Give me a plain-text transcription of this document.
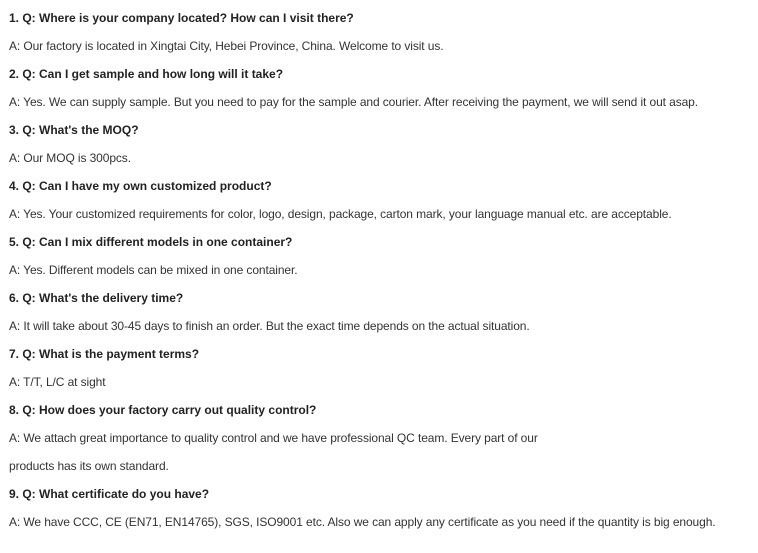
1. Q: Where is your company located? How can I visit there?
A: Our factory is located in Xingtai City, Hebei Province, China. Welcome to visit us.
2. Q: Can I get sample and how long will it take?
A: Yes. We can supply sample. But you need to pay for the sample and courier. After receiving the payment, we will send it out asap.
3. Q: What's the MOQ?
A: Our MOQ is 300pcs.
4. Q: Can I have my own customized product?
A: Yes. Your customized requirements for color, logo, design, package, carton mark, your language manual etc. are acceptable.
5. Q: Can I mix different models in one container?
A: Yes. Different models can be mixed in one container.
6. Q: What's the delivery time?
A: It will take about 30-45 days to finish an order. But the exact time depends on the actual situation.
7. Q: What is the payment terms?
A: T/T, L/C at sight
8. Q: How does your factory carry out quality control?
A: We attach great importance to quality control and we have professional QC team. Every part of our
products has its own standard.
9. Q: What certificate do you have?
A: We have CCC, CE (EN71, EN14765), SGS, ISO9001 etc. Also we can apply any certificate as you need if the quantity is big enough.
